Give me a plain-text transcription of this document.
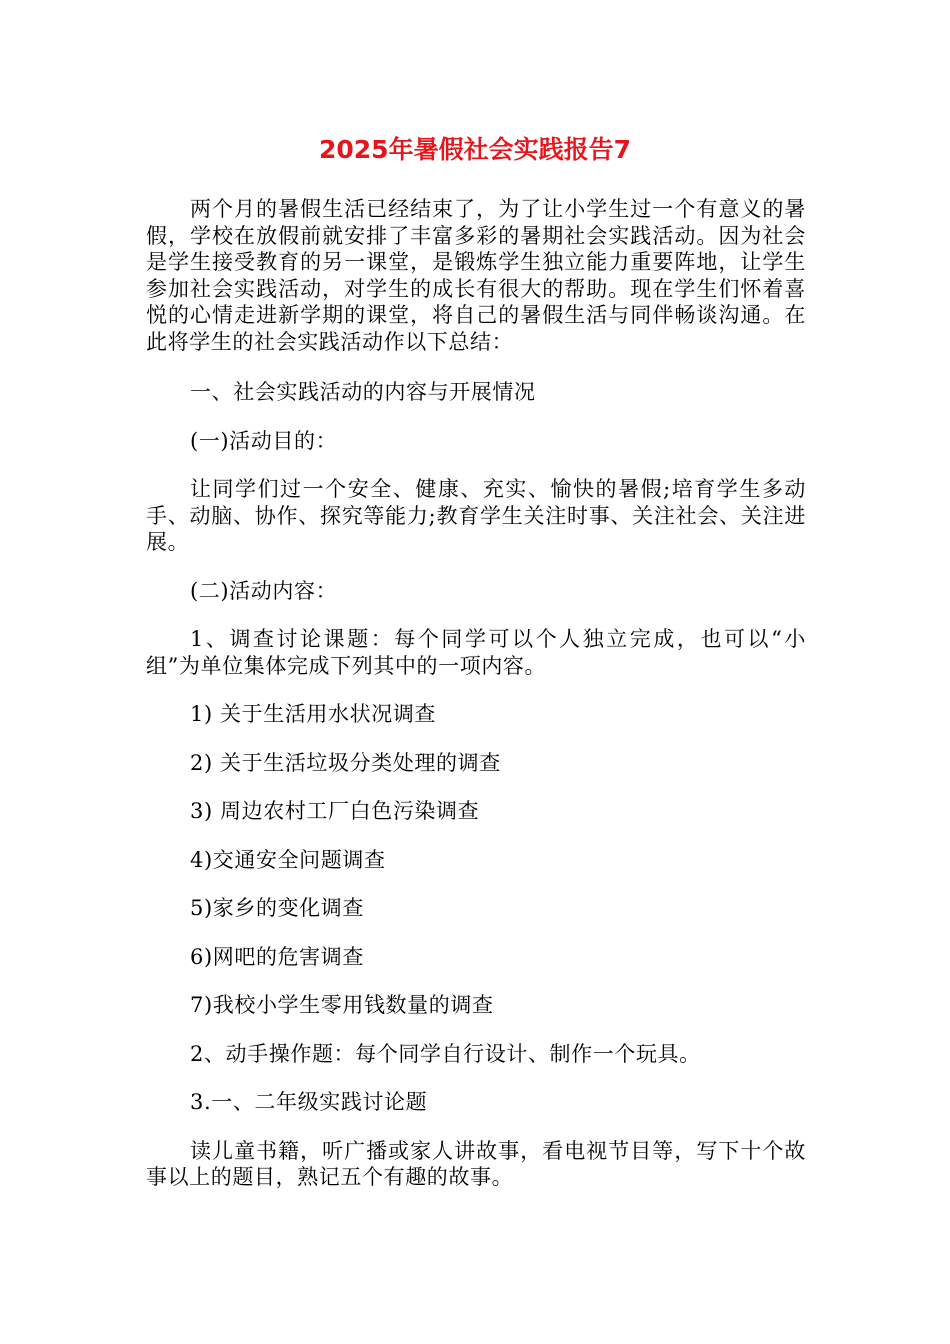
2025年暑假社会实践报告7

两个月的暑假生活已经结束了，为了让小学生过一个有意义的暑假，学校在放假前就安排了丰富多彩的暑期社会实践活动。因为社会是学生接受教育的另一课堂，是锻炼学生独立能力重要阵地，让学生参加社会实践活动，对学生的成长有很大的帮助。现在学生们怀着喜悦的心情走进新学期的课堂，将自己的暑假生活与同伴畅谈沟通。在此将学生的社会实践活动作以下总结：

一、社会实践活动的内容与开展情况

(一)活动目的：

让同学们过一个安全、健康、充实、愉快的暑假;培育学生多动手、动脑、协作、探究等能力;教育学生关注时事、关注社会、关注进展。

(二)活动内容：

1、调查讨论课题：每个同学可以个人独立完成，也可以“小组”为单位集体完成下列其中的一项内容。

1) 关于生活用水状况调查

2) 关于生活垃圾分类处理的调查

3) 周边农村工厂白色污染调查

4)交通安全问题调查

5)家乡的变化调查

6)网吧的危害调查

7)我校小学生零用钱数量的调查

2、动手操作题：每个同学自行设计、制作一个玩具。

3.一、二年级实践讨论题

读儿童书籍，听广播或家人讲故事，看电视节目等，写下十个故事以上的题目，熟记五个有趣的故事。
